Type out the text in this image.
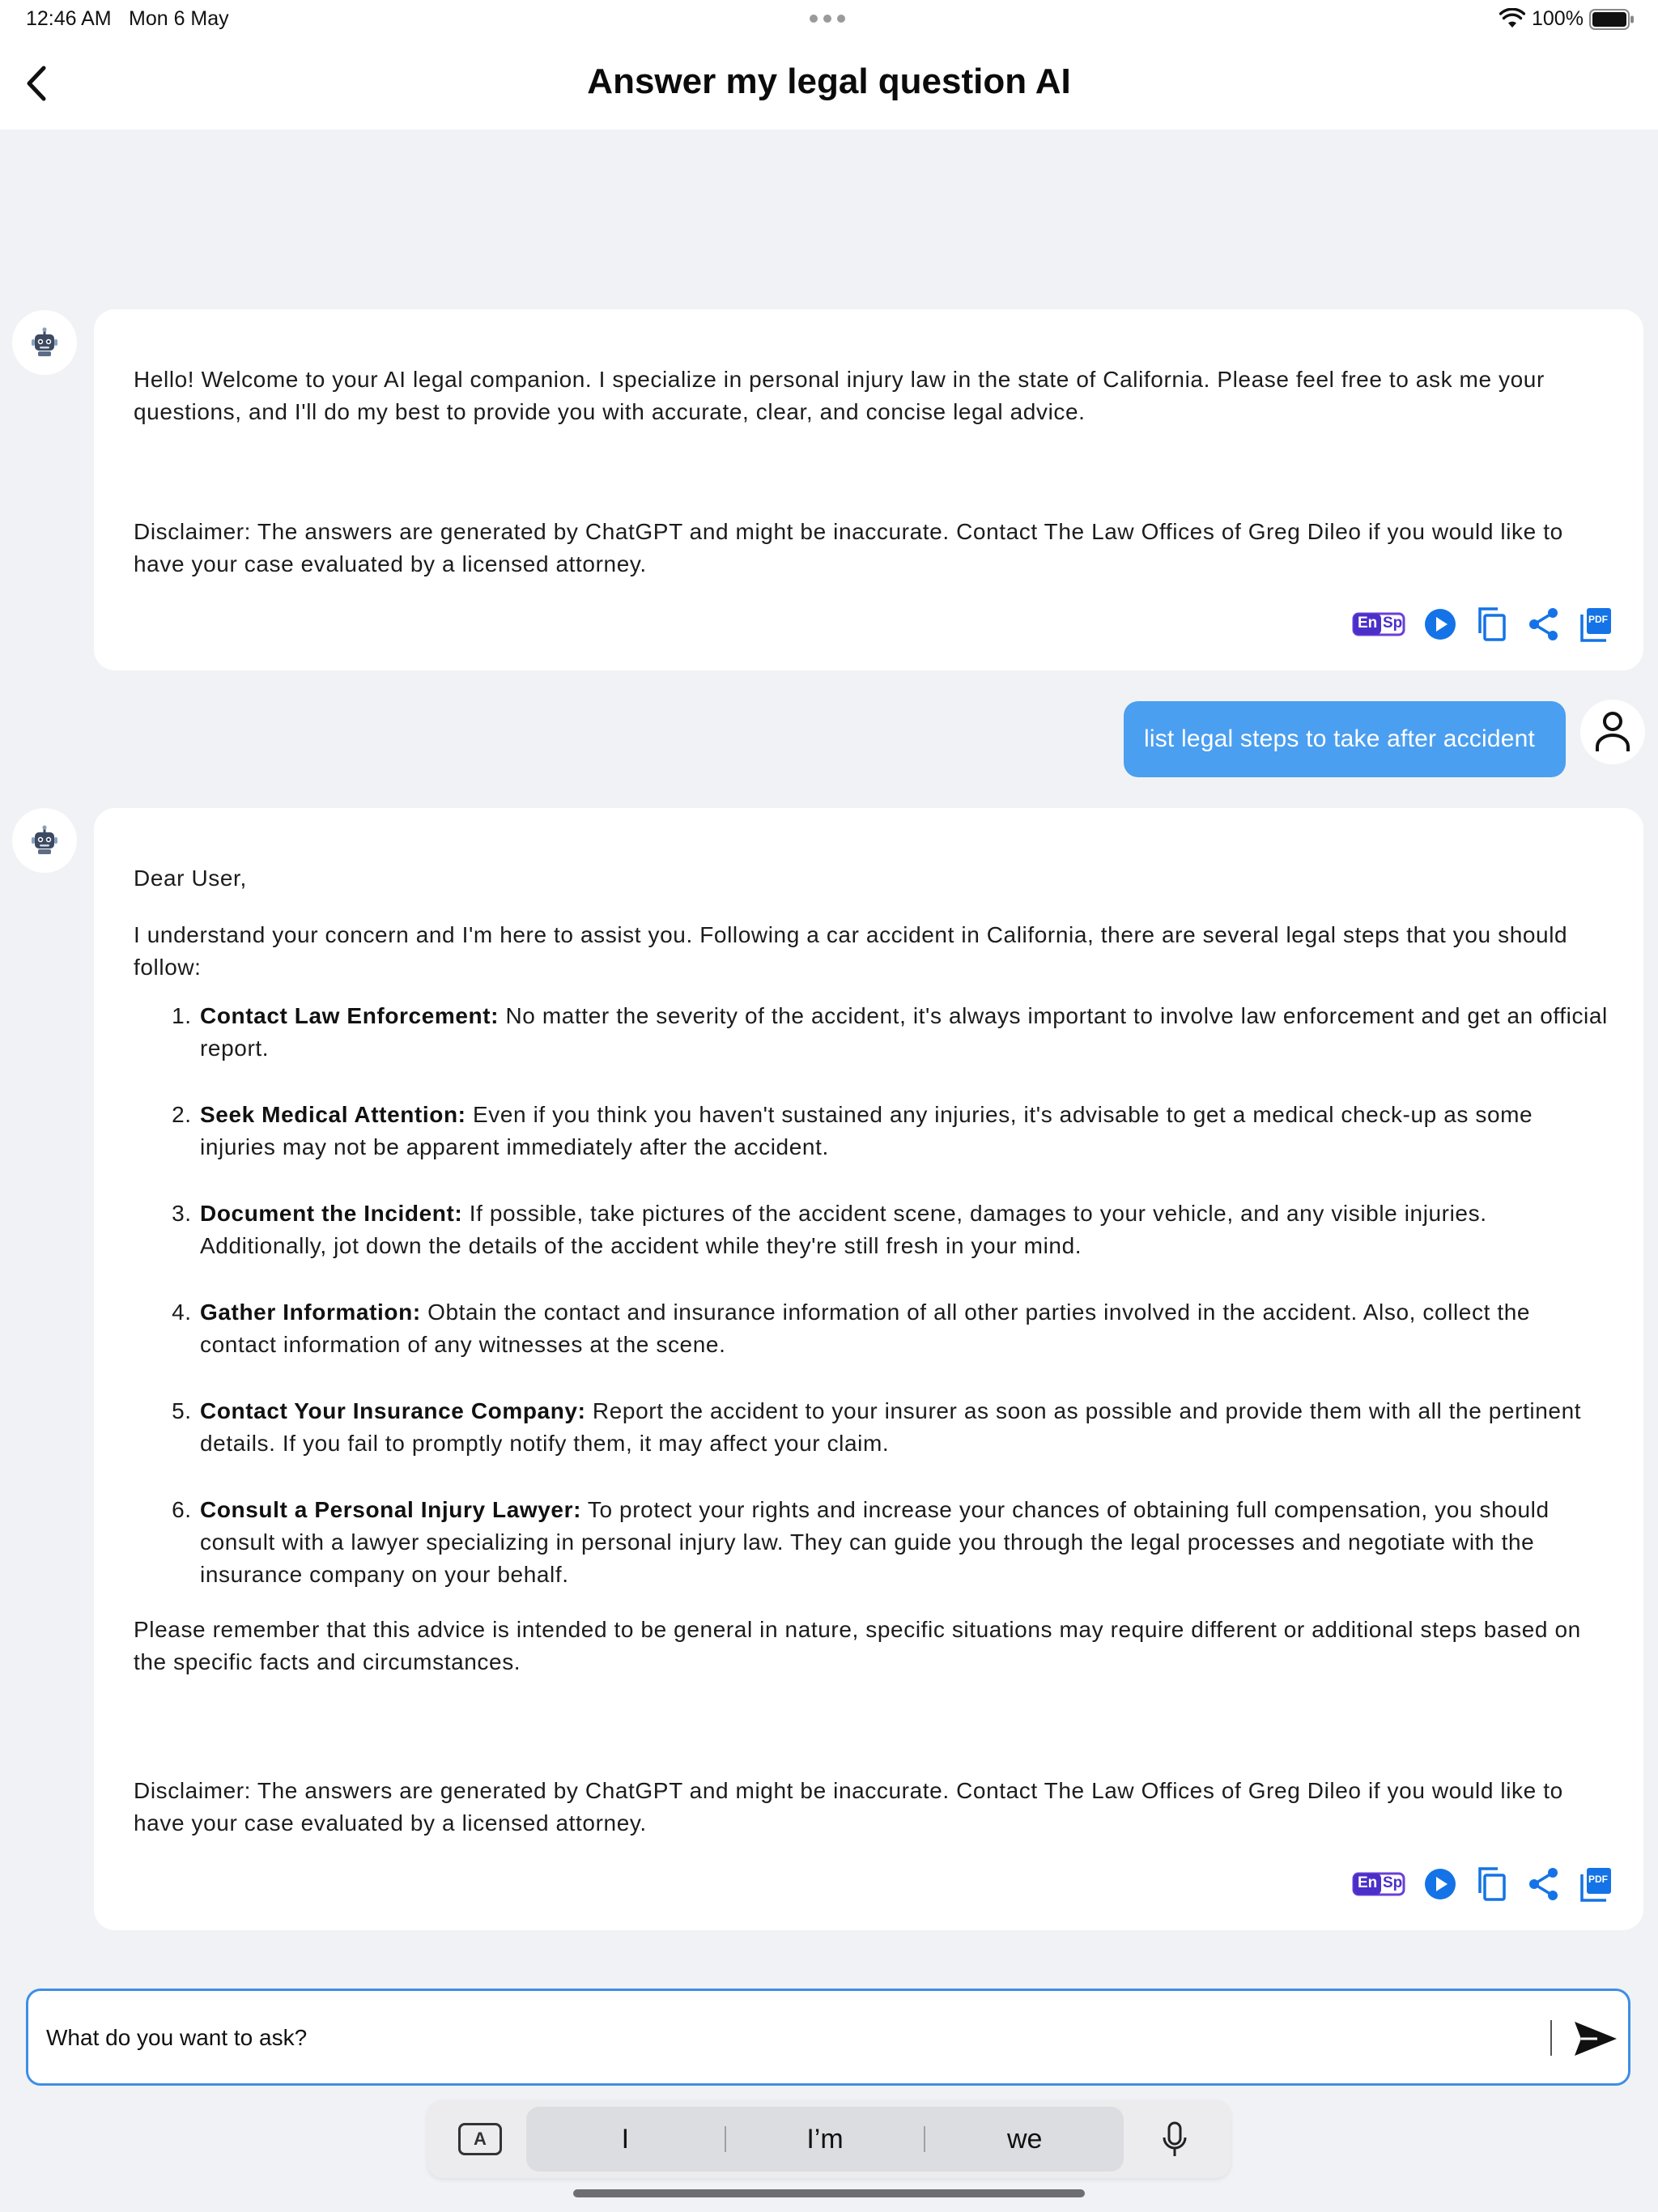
12:46 AM Mon 6 May	100%
Answer my legal question AI
Hello! Welcome to your AI legal companion. I specialize in personal injury law in the state of California. Please feel free to ask me your questions, and I'll do my best to provide you with accurate, clear, and concise legal advice.
Disclaimer: The answers are generated by ChatGPT and might be inaccurate. Contact The Law Offices of Greg Dileo if you would like to have your case evaluated by a licensed attorney.
En Sp	PDF
list legal steps to take after accident

Dear User,

I understand your concern and I'm here to assist you. Following a car accident in California, there are several legal steps that you should follow:

1. Contact Law Enforcement: No matter the severity of the accident, it's always important to involve law enforcement and get an official report.
2. Seek Medical Attention: Even if you think you haven't sustained any injuries, it's advisable to get a medical check-up as some injuries may not be apparent immediately after the accident.
3. Document the Incident: If possible, take pictures of the accident scene, damages to your vehicle, and any visible injuries. Additionally, jot down the details of the accident while they're still fresh in your mind.
4. Gather Information: Obtain the contact and insurance information of all other parties involved in the accident. Also, collect the contact information of any witnesses at the scene.
5. Contact Your Insurance Company: Report the accident to your insurer as soon as possible and provide them with all the pertinent details. If you fail to promptly notify them, it may affect your claim.
6. Consult a Personal Injury Lawyer: To protect your rights and increase your chances of obtaining full compensation, you should consult with a lawyer specializing in personal injury law. They can guide you through the legal processes and negotiate with the insurance company on your behalf.

Please remember that this advice is intended to be general in nature, specific situations may require different or additional steps based on the specific facts and circumstances.

Disclaimer: The answers are generated by ChatGPT and might be inaccurate. Contact The Law Offices of Greg Dileo if you would like to have your case evaluated by a licensed attorney.
En Sp	PDF
What do you want to ask?
A	I	I’m	we
